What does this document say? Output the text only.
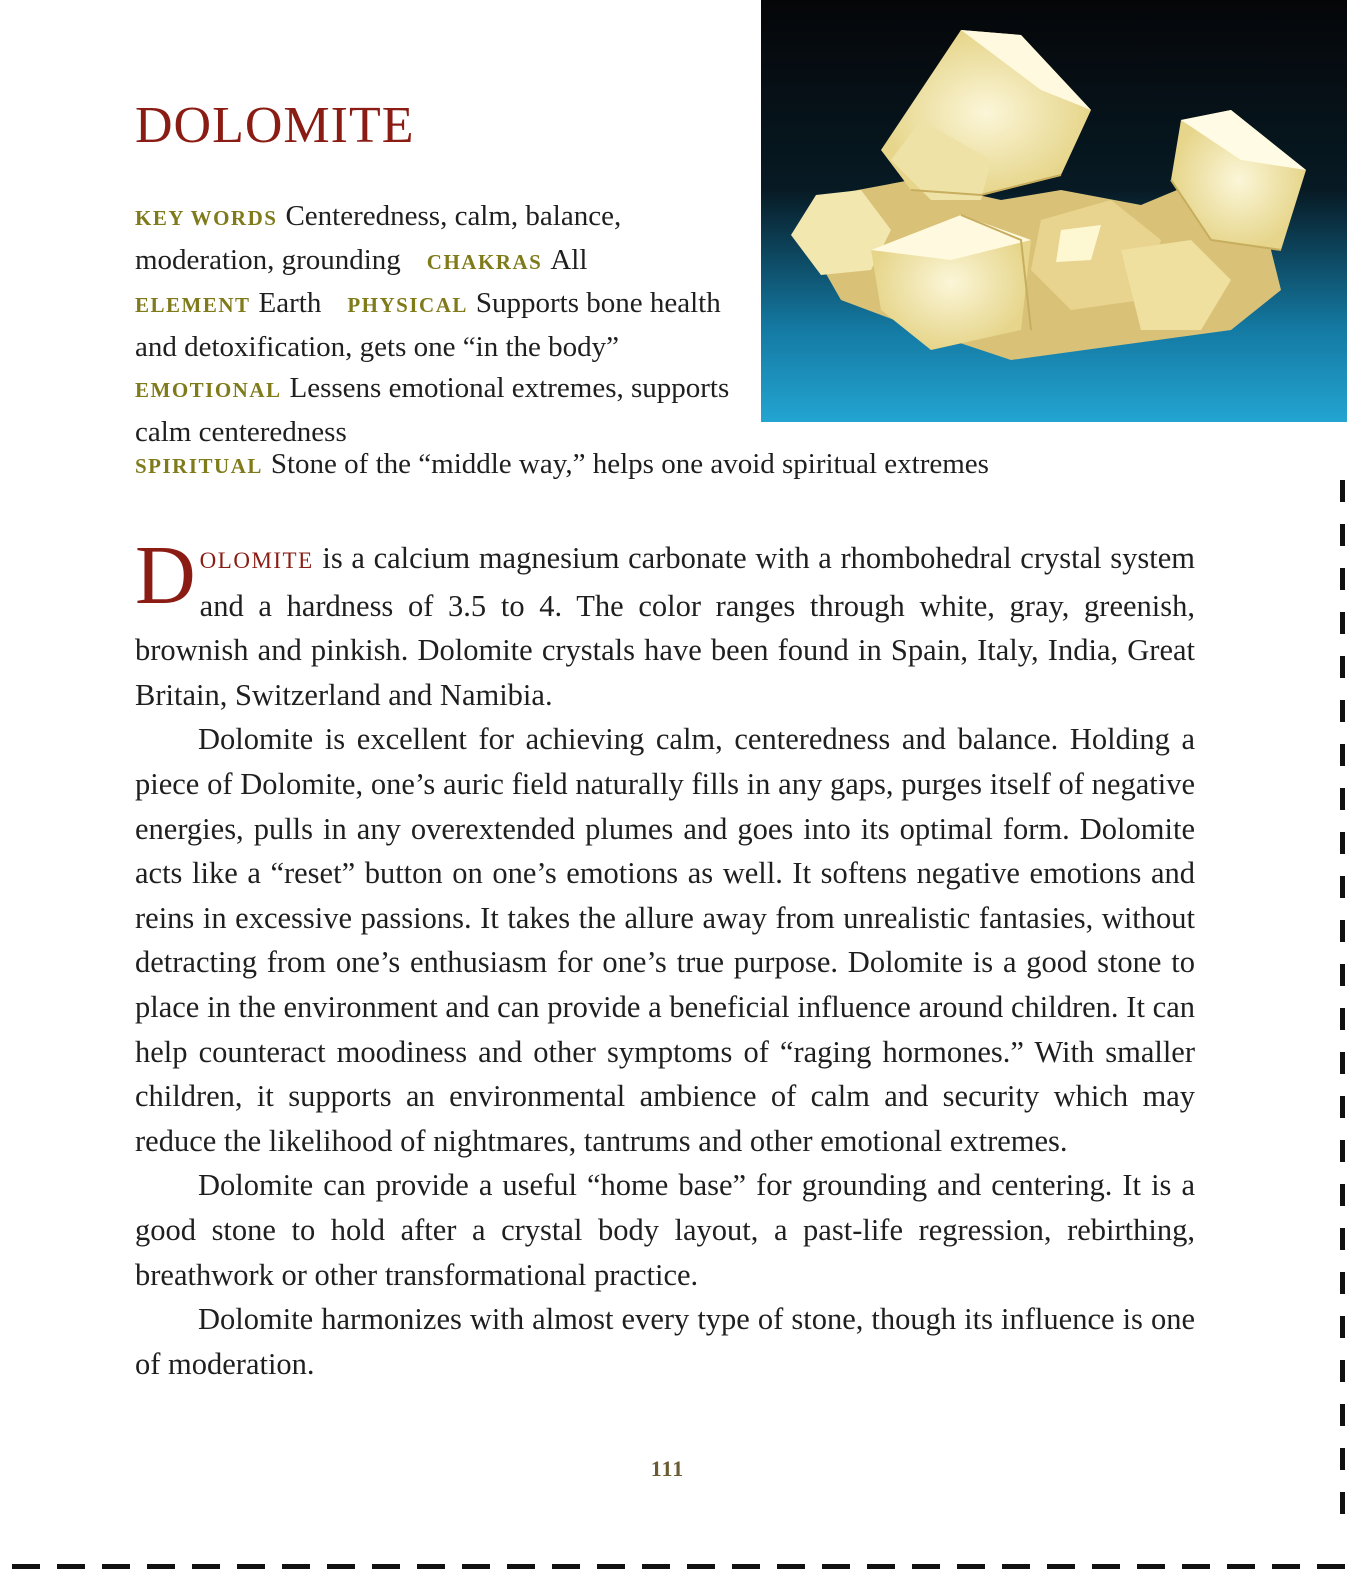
DOLOMITE

KEY WORDS Centeredness, calm, balance, moderation, grounding CHAKRAS All
ELEMENT Earth PHYSICAL Supports bone health and detoxification, gets one “in the body”EMOTIONAL Lessens emotional extremes, supports calm centeredness

SPIRITUAL Stone of the “middle way,” helps one avoid spiritual extremes

DOLOMITE is a calcium magnesium carbonate with a rhombohedral crystal system and a hardness of 3.5 to 4. The color ranges through white, gray, greenish, brownish and pinkish. Dolomite crystals have been found in Spain, Italy, India, Great Britain, Switzerland and Namibia.

Dolomite is excellent for achieving calm, centeredness and balance. Holding a piece of Dolomite, one’s auric field naturally fills in any gaps, purges itself of negative energies, pulls in any overextended plumes and goes into its optimal form. Dolomite acts like a “reset” button on one’s emotions as well. It softens negative emotions and reins in excessive passions. It takes the allure away from unrealistic fantasies, without detracting from one’s enthusiasm for one’s true purpose. Dolomite is a good stone to place in the environment and can provide a beneficial influence around children. It can help counteract moodiness and other symptoms of “raging hormones.” With smaller children, it supports an environmental ambience of calm and security which may reduce the likelihood of nightmares, tantrums and other emotional extremes.

Dolomite can provide a useful “home base” for grounding and centering. It is a good stone to hold after a crystal body layout, a past-life regression, rebirthing, breathwork or other transformational practice.

Dolomite harmonizes with almost every type of stone, though its influence is one of moderation.

111
